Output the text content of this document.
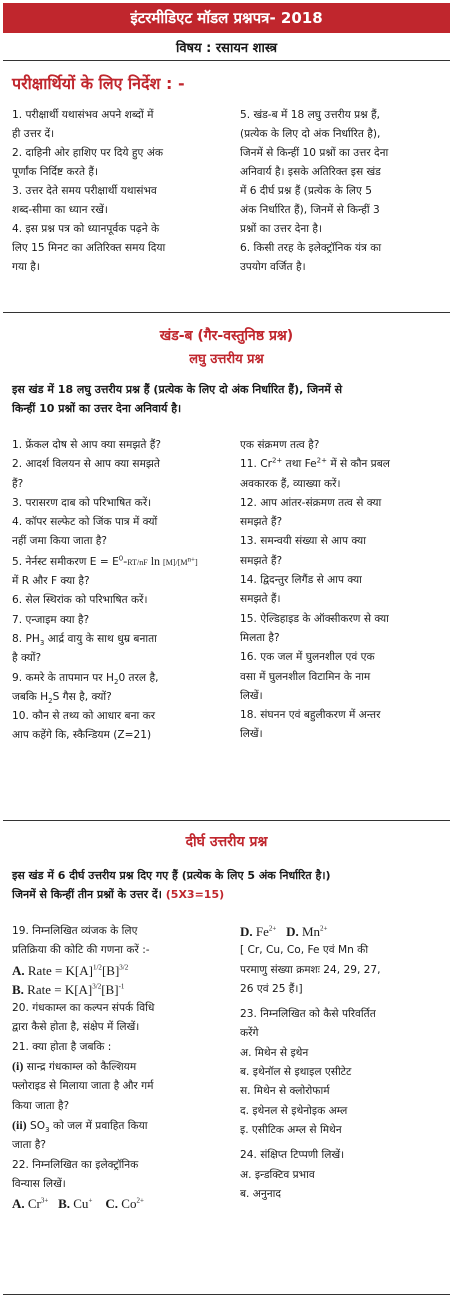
इंटरमीडिएट मॉडल प्रश्नपत्र- 2018
विषय : रसायन शास्त्र
परीक्षार्थियों के लिए निर्देश : -

1. परीक्षार्थी यथासंभव अपने शब्दों में

ही उत्तर दें।

2. दाहिनी ओर हाशिए पर दिये हुए अंक

पूर्णांक निर्दिष्ट करते हैं।

3. उत्तर देते समय परीक्षार्थी यथासंभव

शब्द-सीमा का ध्यान रखें।

4. इस प्रश्न पत्र को ध्यानपूर्वक पढ़ने के

लिए 15 मिनट का अतिरिक्त समय दिया

गया है।

5. खंड-ब में 18 लघु उत्तरीय प्रश्न हैं,

(प्रत्येक के लिए दो अंक निर्धारित है),

जिनमें से किन्हीं 10 प्रश्नों का उत्तर देना

अनिवार्य है। इसके अतिरिक्त इस खंड

में 6 दीर्घ प्रश्न हैं (प्रत्येक के लिए 5

अंक निर्धारित हैं), जिनमें से किन्हीं 3

प्रश्नों का उत्तर देना है।

6. किसी तरह के इलेक्ट्रॉनिक यंत्र का

उपयोग वर्जित है।

खंड-ब (गैर-वस्तुनिष्ठ प्रश्न)
लघु उत्तरीय प्रश्न
इस खंड में 18 लघु उत्तरीय प्रश्न हैं (प्रत्येक के लिए दो अंक निर्धारित हैं), जिनमें से
किन्हीं 10 प्रश्नों का उत्तर देना अनिवार्य है।

1. फ्रेंकल दोष से आप क्या समझते हैं?

2. आदर्श विलयन से आप क्या समझते

हैं?

3. परासरण दाब को परिभाषित करें।

4. कॉपर सल्फेट को जिंक पात्र में क्यों

नहीं जमा किया जाता है?

5. नेर्नस्ट समीकरण $E = E^0-RT/nF$ $\ln [M]/[M^{n+}]$

में R और F क्या है?

6. सेल स्थिरांक को परिभाषित करें।

7. एन्जाइम क्या है?

8. $PH_3$ आर्द्र वायु के साथ धुम्र बनाता

है क्यों?

9. कमरे के तापमान पर $H_20$ तरल है,

जबकि $H_2S$ गैस है, क्यों?

10. कौन से तथ्य को आधार बना कर

आप कहेंगे कि, स्कैन्डियम (Z=21)

एक संक्रमण तत्व है?

11. $Cr^{2+}$ तथा $Fe^{2+}$ में से कौन प्रबल

अवकारक हैं, व्याख्या करें।

12. आप आंतर-संक्रमण तत्व से क्या

समझते हैं?

13. समन्वयी संख्या से आप क्या

समझते हैं?

14. द्विदन्तुर लिगैंड से आप क्या

समझते हैं।

15. ऐल्डिहाइड के ऑक्सीकरण से क्या

मिलता है?

16. एक जल में घुलनशील एवं एक

वसा में घुलनशील विटामिन के नाम

लिखें।

18. संघनन एवं बहुलीकरण में अन्तर

लिखें।

दीर्घ उत्तरीय प्रश्न
इस खंड में 6 दीर्घ उत्तरीय प्रश्न दिए गए हैं (प्रत्येक के लिए 5 अंक निर्धारित है।)
जिनमें से किन्हीं तीन प्रश्नों के उत्तर दें। (5X3=15)

19. निम्नलिखित व्यंजक के लिए

प्रतिक्रिया की कोटि की गणना करें :-

A. Rate = $K[A]^{1/2}[B]^{3/2}$

B. Rate = $K[A]^{3/2}[B]^{-1}$

20. गंधकाम्ल का कल्पन संपर्क विधि

द्वारा कैसे होता है, संक्षेप में लिखें।

21. क्या होता है जबकि :

(i) सान्द्र गंधकाम्ल को कैल्शियम

फ्लोराइड से मिलाया जाता है और गर्म

किया जाता है?

(ii) $SO_3$ को जल में प्रवाहित किया

जाता है?

22. निम्नलिखित का इलेक्ट्रॉनिक

विन्यास लिखें।

A. $Cr^{3+}$ B. Cu+ C. $Co^{2+}$

D. $Fe^{2+}$ D. $Mn^{2+}$

[ Cr, Cu, Co, Fe एवं Mn की

परमाणु संख्या क्रमशः 24, 29, 27,

26 एवं 25 हैं।]

23. निम्नलिखित को कैसे परिवर्तित

करेंगे

अ. मिथेन से इथेन

ब. इथेनॉल से इथाइल एसीटेट

स. मिथेन से क्लोरोफार्म

द. इथेनल से इथेनोइक अम्ल

इ. एसीटिक अम्ल से मिथेन

24. संक्षिप्त टिप्पणी लिखें।

अ. इन्डक्टिव प्रभाव

ब. अनुनाद
